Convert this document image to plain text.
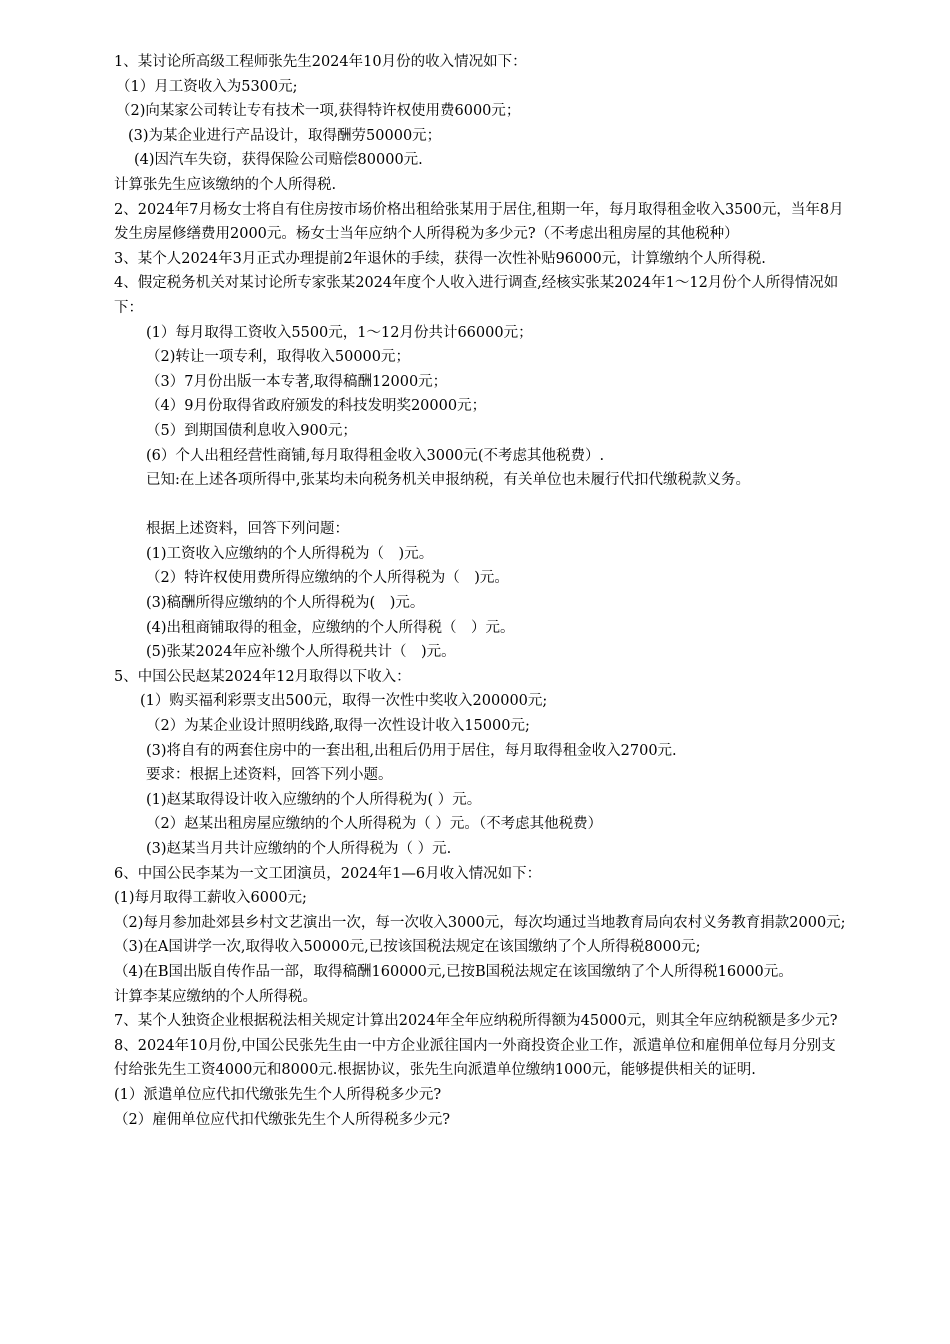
1、某讨论所高级工程师张先生2024年10月份的收入情况如下：
（1）月工资收入为5300元;
（2)向某家公司转让专有技术一项,获得特许权使用费6000元；
(3)为某企业进行产品设计，取得酬劳50000元；
(4)因汽车失窃，获得保险公司赔偿80000元.
计算张先生应该缴纳的个人所得税.
2、2024年7月杨女士将自有住房按市场价格出租给张某用于居住,租期一年，每月取得租金收入3500元，当年8月发生房屋修缮费用2000元。杨女士当年应纳个人所得税为多少元?（不考虑出租房屋的其他税种）
3、某个人2024年3月正式办理提前2年退休的手续，获得一次性补贴96000元，计算缴纳个人所得税.
4、假定税务机关对某讨论所专家张某2024年度个人收入进行调查,经核实张某2024年1～12月份个人所得情况如下：
(1）每月取得工资收入5500元，1～12月份共计66000元；
（2)转让一项专利，取得收入50000元；
（3）7月份出版一本专著,取得稿酬12000元；
（4）9月份取得省政府颁发的科技发明奖20000元；
（5）到期国债利息收入900元；
(6）个人出租经营性商铺,每月取得租金收入3000元(不考虑其他税费）.
已知:在上述各项所得中,张某均未向税务机关申报纳税，有关单位也未履行代扣代缴税款义务。
根据上述资料，回答下列问题：
(1)工资收入应缴纳的个人所得税为（　)元。
（2）特许权使用费所得应缴纳的个人所得税为（　)元。
(3)稿酬所得应缴纳的个人所得税为(　)元。
(4)出租商铺取得的租金，应缴纳的个人所得税（　）元。
(5)张某2024年应补缴个人所得税共计（　)元。
5、中国公民赵某2024年12月取得以下收入：
(1）购买福利彩票支出500元，取得一次性中奖收入200000元;
（2）为某企业设计照明线路,取得一次性设计收入15000元;
(3)将自有的两套住房中的一套出租,出租后仍用于居住，每月取得租金收入2700元.
要求：根据上述资料，回答下列小题。
(1)赵某取得设计收入应缴纳的个人所得税为( ）元。
（2）赵某出租房屋应缴纳的个人所得税为（ ）元。（不考虑其他税费）
(3)赵某当月共计应缴纳的个人所得税为（ ）元.
6、中国公民李某为一文工团演员，2024年1—6月收入情况如下：
(1)每月取得工薪收入6000元;
（2)每月参加赴郊县乡村文艺演出一次，每一次收入3000元，每次均通过当地教育局向农村义务教育捐款2000元;
（3)在A国讲学一次,取得收入50000元,已按该国税法规定在该国缴纳了个人所得税8000元;
（4)在B国出版自传作品一部，取得稿酬160000元,已按B国税法规定在该国缴纳了个人所得税16000元。
计算李某应缴纳的个人所得税。
7、某个人独资企业根据税法相关规定计算出2024年全年应纳税所得额为45000元，则其全年应纳税额是多少元?
8、2024年10月份,中国公民张先生由一中方企业派往国内一外商投资企业工作，派遣单位和雇佣单位每月分别支付给张先生工资4000元和8000元.根据协议，张先生向派遣单位缴纳1000元，能够提供相关的证明.
(1）派遣单位应代扣代缴张先生个人所得税多少元?
（2）雇佣单位应代扣代缴张先生个人所得税多少元?
